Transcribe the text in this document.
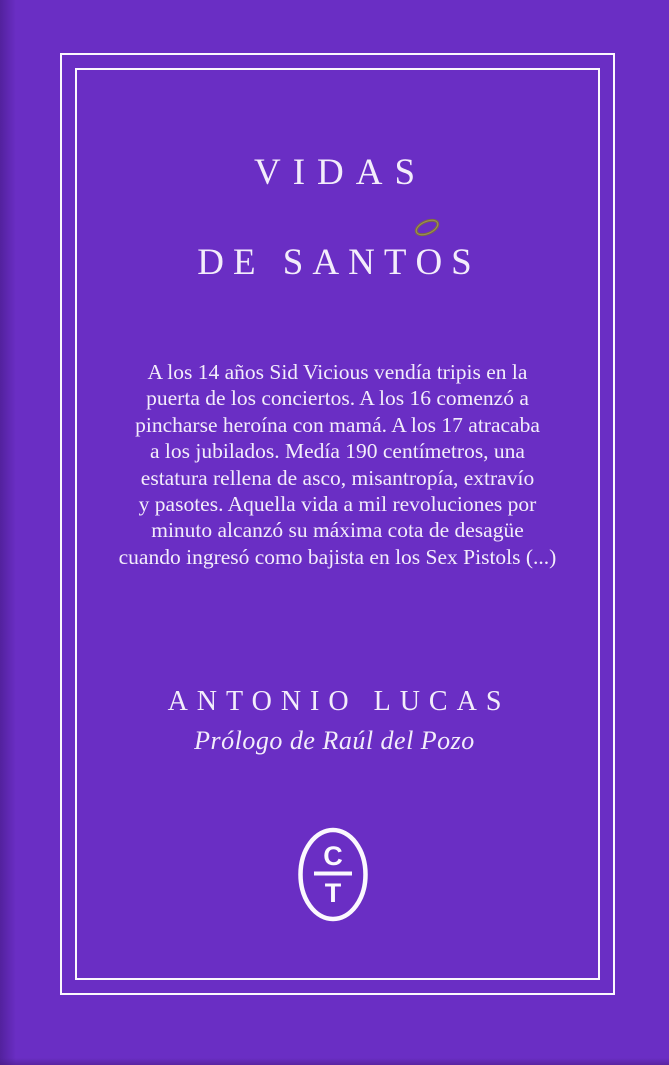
VIDAS
DE SANT
OS
A los 14 años Sid Vicious vendía tripis en la
puerta de los conciertos. A los 16 comenzó a
pincharse heroína con mamá. A los 17 atracaba
a los jubilados. Medía 190 centímetros, una
estatura rellena de asco, misantropía, extravío
y pasotes. Aquella vida a mil revoluciones por
minuto alcanzó su máxima cota de desagüe
cuando ingresó como bajista en los Sex Pistols (...)
ANTONIO LUCAS
Prólogo de Raúl del Pozo
C
T
